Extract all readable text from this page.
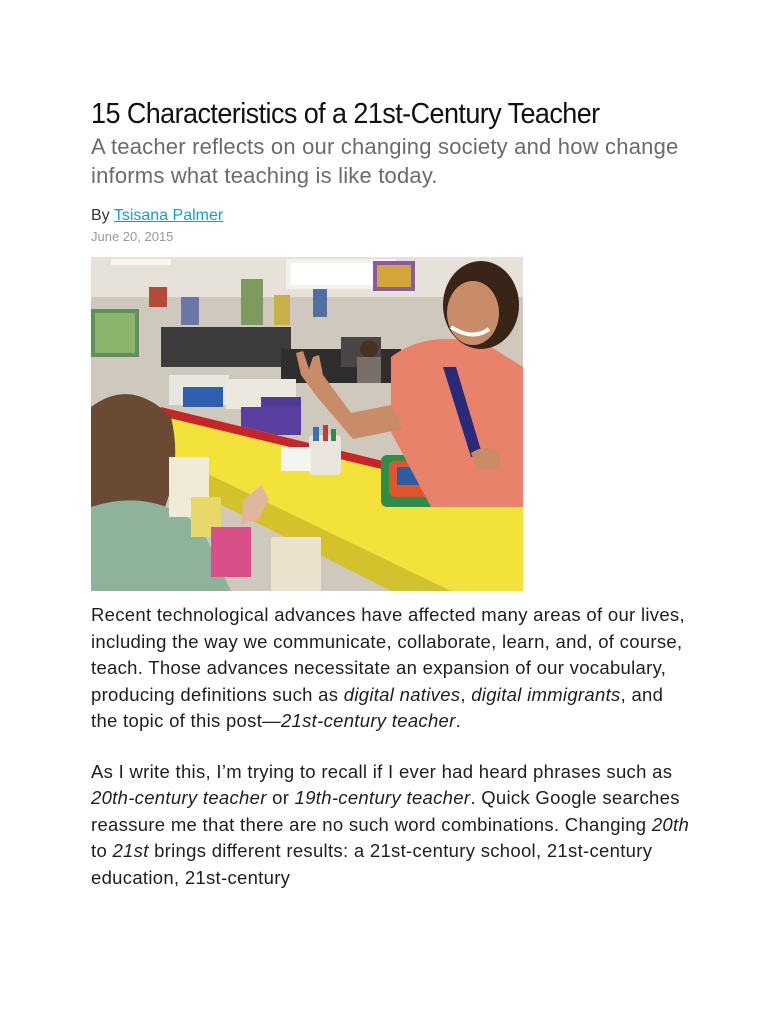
15 Characteristics of a 21st-Century Teacher
A teacher reflects on our changing society and how change informs what teaching is like today.
By Tsisana Palmer
June 20, 2015

Recent technological advances have affected many areas of our lives, including the way we communicate, collaborate, learn, and, of course, teach. Those advances necessitate an expansion of our vocabulary, producing definitions such as digital natives, digital immigrants, and the topic of this post—21st-century teacher.

As I write this, I’m trying to recall if I ever had heard phrases such as 20th-century teacher or 19th-century teacher. Quick Google searches reassure me that there are no such word combinations. Changing 20th to 21st brings different results: a 21st-century school, 21st-century education, 21st-century
